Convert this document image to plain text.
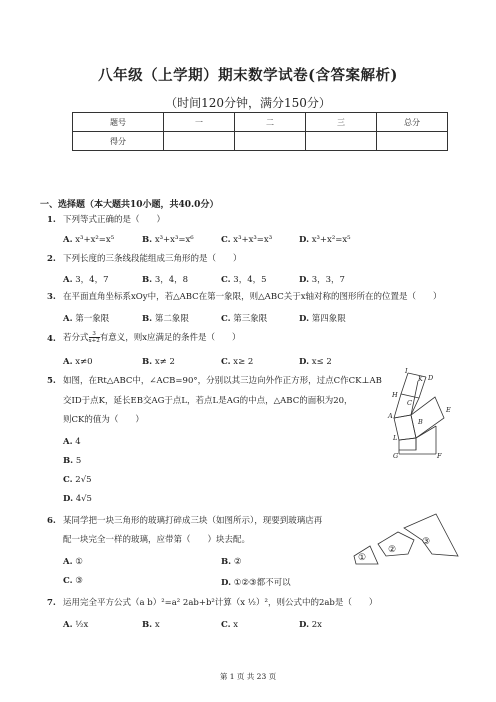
八年级（上学期）期末数学试卷(含答案解析)
（时间120分钟，满分150分）
题号	一	二	三	总分
得分				
一、选择题（本大题共10小题，共40.0分）
1. 下列等式正确的是（　　）
A. x³+x²=x⁵	B. x³+x³=x⁶	C. x³+x³=x³	D. x³+x²=x⁵
2. 下列长度的三条线段能组成三角形的是（　　）
A. 3，4，7	B. 3，4，8	C. 3，4，5	D. 3，3，7
3. 在平面直角坐标系xOy中，若△ABC在第一象限，则△ABC关于x轴对称的图形所在的位置是（　　）
A. 第一象限	B. 第二象限	C. 第三象限	D. 第四象限
4. 若分式 $\frac{3}{x+2}$ 有意义，则x应满足的条件是（　　）
A. x≠0	B. x≠ 2	C. x≥ 2	D. x≤ 2
5. 如图，在Rt△ABC中，∠ACB=90°，分别以其三边向外作正方形，过点C作CK⊥AB
交ID于点K，延长EB交AG于点L，若点L是AG的中点，△ABC的面积为20，
则CK的值为（　　）
A. 4
B. 5
C. 2√5
D. 4√5
I
K D
H
C
E
A
B
L
G	F
6. 某同学把一块三角形的玻璃打碎成三块（如图所示），现要到玻璃店再
配一块完全一样的玻璃，应带第（　　）块去配。
A. ①	B. ②
C. ③	D. ①②③都不可以
①
②
③
7. 运用完全平方公式（a b）²=a² 2ab+b²计算（x ½）²，则公式中的2ab是（　　）
A. ½x	B. x	C. x	D. 2x
第 1 页 共 23 页
